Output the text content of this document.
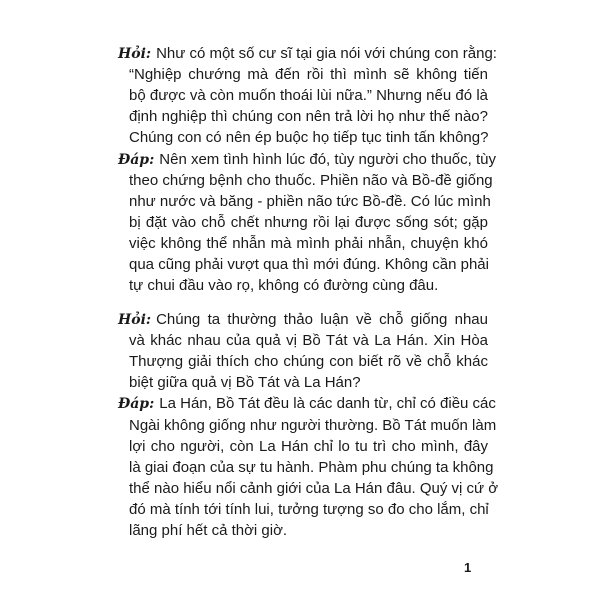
Hỏi: Như có một số cư sĩ tại gia nói với chúng con rằng:
“Nghiệp chướng mà đến rồi thì mình sẽ không tiến
bộ được và còn muốn thoái lùi nữa.” Nhưng nếu đó là
định nghiệp thì chúng con nên trả lời họ như thế nào?
Chúng con có nên ép buộc họ tiếp tục tinh tấn không?
Đáp: Nên xem tình hình lúc đó, tùy người cho thuốc, tùy
theo chứng bệnh cho thuốc. Phiền não và Bồ-đề giống
như nước và băng - phiền não tức Bồ-đề. Có lúc mình
bị đặt vào chỗ chết nhưng rồi lại được sống sót; gặp
việc không thể nhẫn mà mình phải nhẫn, chuyện khó
qua cũng phải vượt qua thì mới đúng. Không cần phải
tự chui đầu vào rọ, không có đường cùng đâu.
Hỏi: Chúng ta thường thảo luận về chỗ giống nhau
và khác nhau của quả vị Bồ Tát và La Hán. Xin Hòa
Thượng giải thích cho chúng con biết rõ về chỗ khác
biệt giữa quả vị Bồ Tát và La Hán?
Đáp: La Hán, Bồ Tát đều là các danh từ, chỉ có điều các
Ngài không giống như người thường. Bồ Tát muốn làm
lợi cho người, còn La Hán chỉ lo tu trì cho mình, đây
là giai đoạn của sự tu hành. Phàm phu chúng ta không
thể nào hiểu nổi cảnh giới của La Hán đâu. Quý vị cứ ở
đó mà tính tới tính lui, tưởng tượng so đo cho lắm, chỉ
lãng phí hết cả thời giờ.
1
